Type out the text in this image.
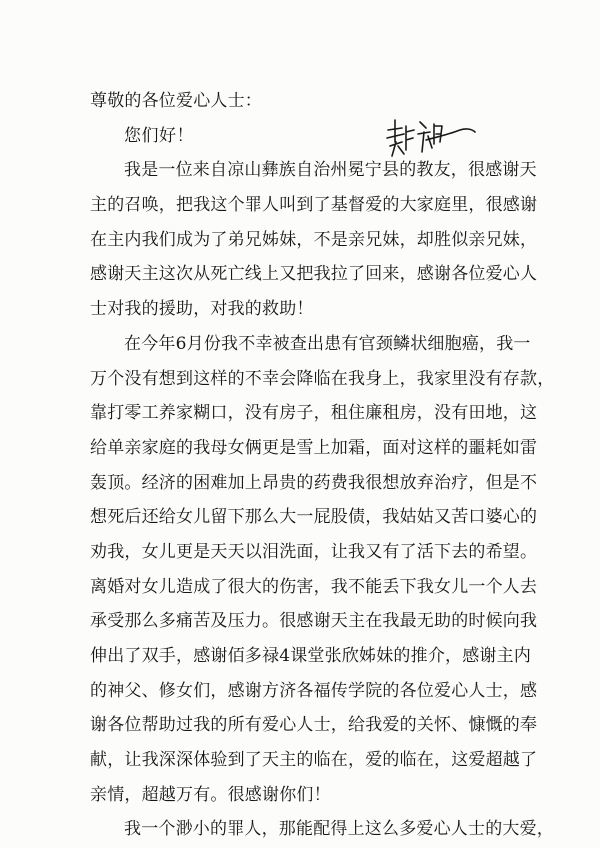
尊敬的各位爱心人士：
您们好！
我是一位来自凉山彝族自治州冕宁县的教友，很感谢天
主的召唤，把我这个罪人叫到了基督爱的大家庭里，很感谢
在主内我们成为了弟兄姊妹，不是亲兄妹，却胜似亲兄妹，
感谢天主这次从死亡线上又把我拉了回来，感谢各位爱心人
士对我的援助，对我的救助！
在今年6月份我不幸被查出患有官颈鳞状细胞癌，我一
万个没有想到这样的不幸会降临在我身上，我家里没有存款，
靠打零工养家糊口，没有房子，租住廉租房，没有田地，这
给单亲家庭的我母女俩更是雪上加霜，面对这样的噩耗如雷
轰顶。经济的困难加上昂贵的药费我很想放弃治疗，但是不
想死后还给女儿留下那么大一屁股债，我姑姑又苦口婆心的
劝我，女儿更是天天以泪洗面，让我又有了活下去的希望。
离婚对女儿造成了很大的伤害，我不能丢下我女儿一个人去
承受那么多痛苦及压力。很感谢天主在我最无助的时候向我
伸出了双手，感谢佰多禄4课堂张欣姊妹的推介，感谢主内
的神父、修女们，感谢方济各福传学院的各位爱心人士，感
谢各位帮助过我的所有爱心人士，给我爱的关怀、慷慨的奉
献，让我深深体验到了天主的临在，爱的临在，这爱超越了
亲情，超越万有。很感谢你们！
我一个渺小的罪人，那能配得上这么多爱心人士的大爱，
